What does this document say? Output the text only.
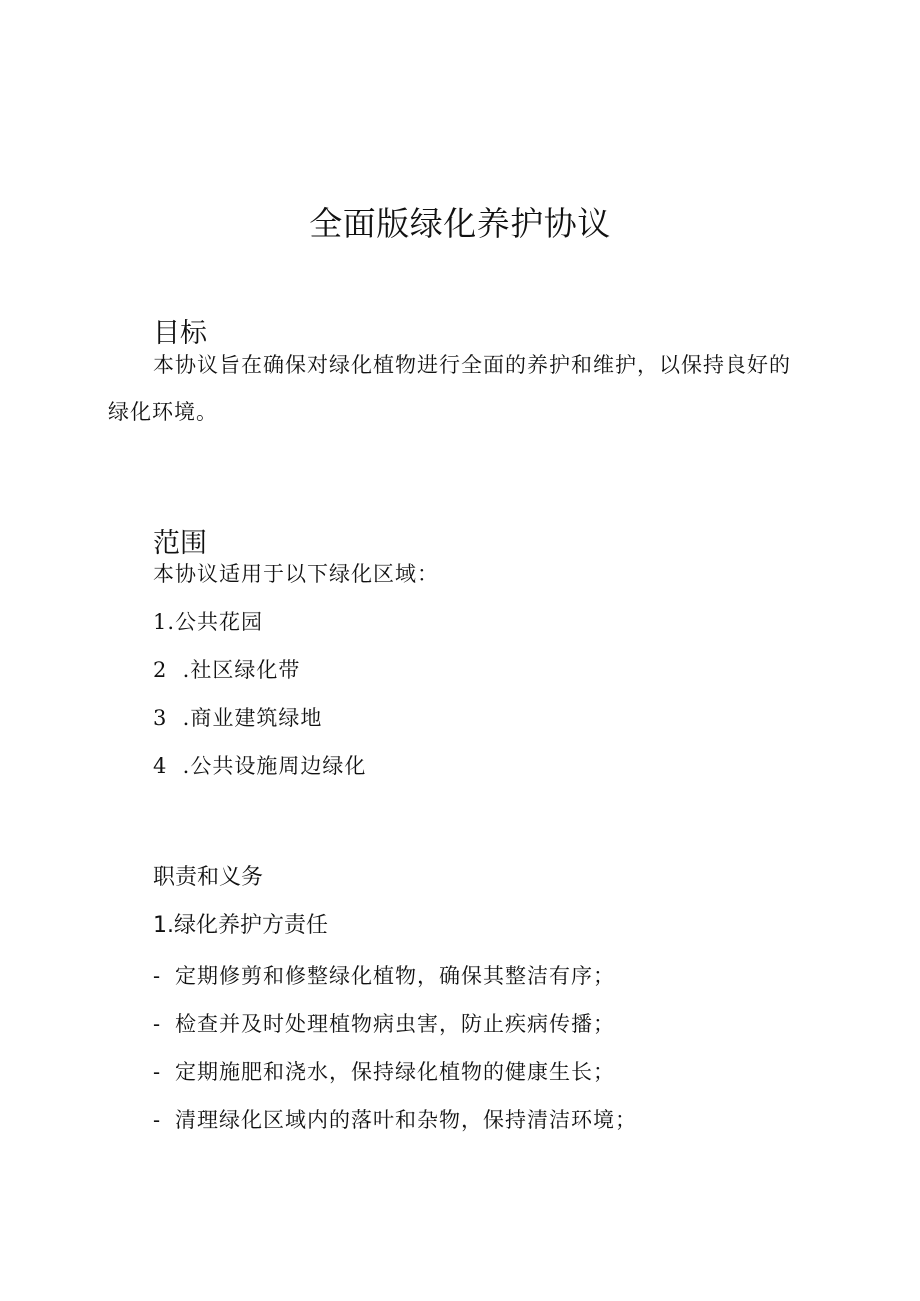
全面版绿化养护协议
目标

本协议旨在确保对绿化植物进行全面的养护和维护，以保持良好的绿化环境。

范围
本协议适用于以下绿化区域：
1.公共花园
2 .社区绿化带
3 .商业建筑绿地
4 .公共设施周边绿化
职责和义务
1.绿化养护方责任
- 定期修剪和修整绿化植物，确保其整洁有序；
- 检查并及时处理植物病虫害，防止疾病传播；
- 定期施肥和浇水，保持绿化植物的健康生长；
- 清理绿化区域内的落叶和杂物，保持清洁环境；
